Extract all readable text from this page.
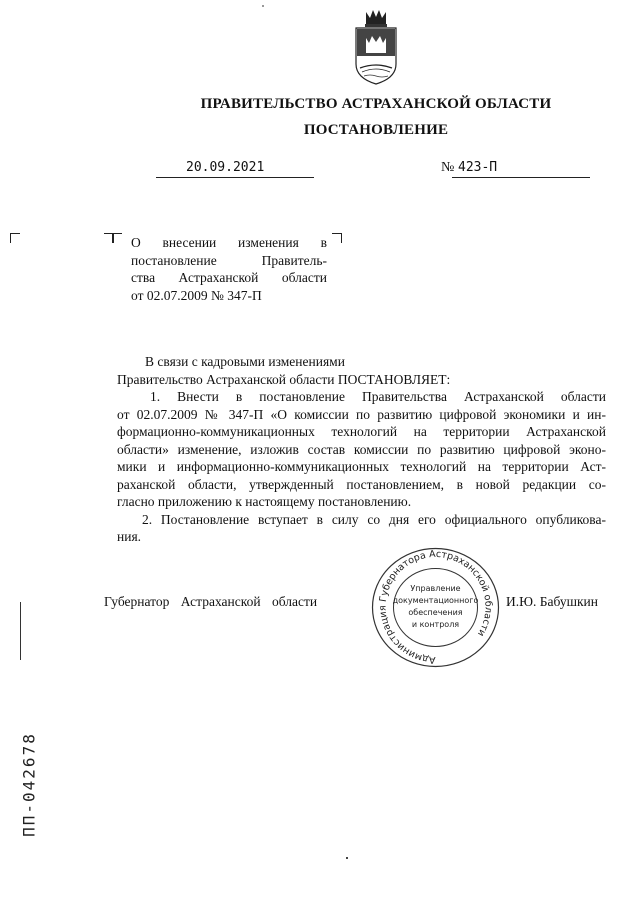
ПРАВИТЕЛЬСТВО АСТРАХАНСКОЙ ОБЛАСТИ
ПОСТАНОВЛЕНИЕ
20.09.2021	№ 423-П
О внесении изменения в
постановление Правитель-
ства Астраханской области
от 02.07.2009 № 347-П
В связи с кадровыми изменениями
Правительство Астраханской области ПОСТАНОВЛЯЕТ:
1. Внести в постановление Правительства Астраханской области
от 02.07.2009 № 347-П «О комиссии по развитию цифровой экономики и ин-
формационно-коммуникационных технологий на территории Астраханской
области» изменение, изложив состав комиссии по развитию цифровой эконо-
мики и информационно-коммуникационных технологий на территории Аст-
раханской области, утвержденный постановлением, в новой редакции со-
гласно приложению к настоящему постановлению.
2. Постановление вступает в силу со дня его официального опубликова-
ния.
Губернатор Астраханской области
Администрация Губернатора Астраханской области
Управление
документационного
обеспечения
и контроля
И.Ю. Бабушкин
ПП-042678
